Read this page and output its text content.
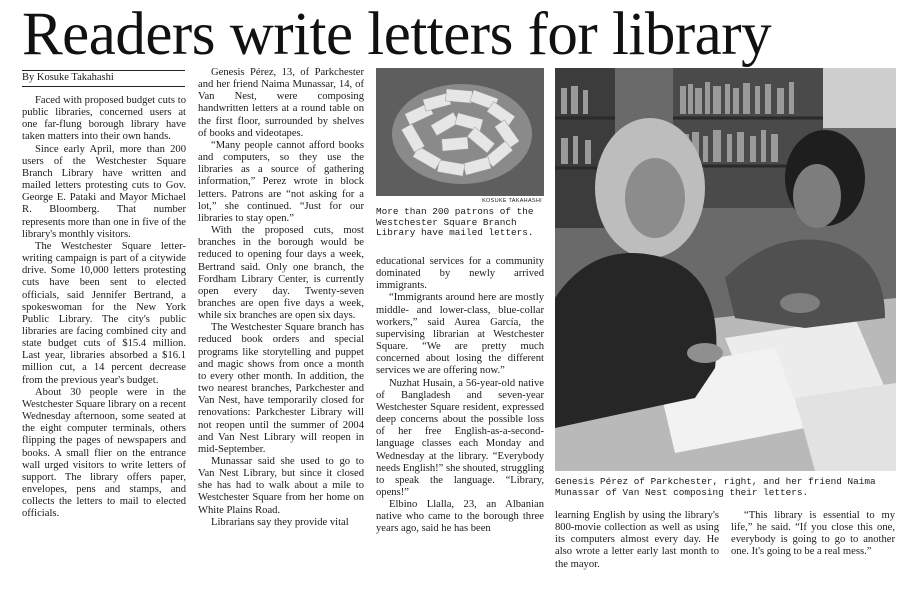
Readers write letters for library
By Kosuke Takahashi

Faced with proposed budget cuts to public libraries, concerned users at one far-flung borough library have taken matters into their own hands.

Since early April, more than 200 users of the Westchester Square Branch Library have written and mailed letters protesting cuts to Gov. George E. Pataki and Mayor Michael R. Bloomberg. That number represents more than one in five of the library's monthly visitors.

The Westchester Square letter-writing campaign is part of a citywide drive. Some 10,000 letters protesting cuts have been sent to elected officials, said Jennifer Bertrand, a spokeswoman for the New York Public Library. The city's public libraries are facing combined city and state budget cuts of $15.4 million. Last year, libraries absorbed a $16.1 million cut, a 14 percent decrease from the previous year's budget.

About 30 people were in the Westchester Square library on a recent Wednesday afternoon, some seated at the eight computer terminals, others flipping the pages of newspapers and books. A small flier on the entrance wall urged visitors to write letters of support. The library offers paper, envelopes, pens and stamps, and collects the letters to mail to elected officials.

Genesis Pérez, 13, of Parkchester and her friend Naima Munassar, 14, of Van Nest, were composing handwritten letters at a round table on the first floor, surrounded by shelves of books and videotapes.

“Many people cannot afford books and computers, so they use the libraries as a source of gathering information,” Perez wrote in block letters. Patrons are “not asking for a lot,” she continued. “Just for our libraries to stay open.”

With the proposed cuts, most branches in the borough would be reduced to opening four days a week, Bertrand said. Only one branch, the Fordham Library Center, is currently open every day. Twenty-seven branches are open five days a week, while six branches are open six days.

The Westchester Square branch has reduced book orders and special programs like storytelling and puppet and magic shows from once a month to every other month. In addition, the two nearest branches, Parkchester and Van Nest, have temporarily closed for renovations: Parkchester Library will not reopen until the summer of 2004 and Van Nest Library will reopen in mid-September.

Munassar said she used to go to Van Nest Library, but since it closed she has had to walk about a mile to Westchester Square from her home on White Plains Road.

Librarians say they provide vital

KOSUKE TAKAHASHI
More than 200 patrons of the Westchester Square Branch Library have mailed letters.
Genesis Pérez of Parkchester, right, and her friend Naima Munassar of Van Nest composing their letters.

educational services for a community dominated by newly arrived immigrants.

“Immigrants around here are mostly middle- and lower-class, blue-collar workers,” said Aurea García, the supervising librarian at Westchester Square. “We are pretty much concerned about losing the different services we are offering now.”

Nuzhat Husain, a 56-year-old native of Bangladesh and seven-year Westchester Square resident, expressed deep concerns about the possible loss of her free English-as-a-second-language classes each Monday and Wednesday at the library. “Everybody needs English!” she shouted, struggling to speak the language. “Library, opens!”

Elbino Llalla, 23, an Albanian native who came to the borough three years ago, said he has been

learning English by using the library's 800-movie collection as well as using its computers almost every day. He also wrote a letter early last month to the mayor.

“This library is essential to my life,” he said. “If you close this one, everybody is going to go to another one. It's going to be a real mess.”
